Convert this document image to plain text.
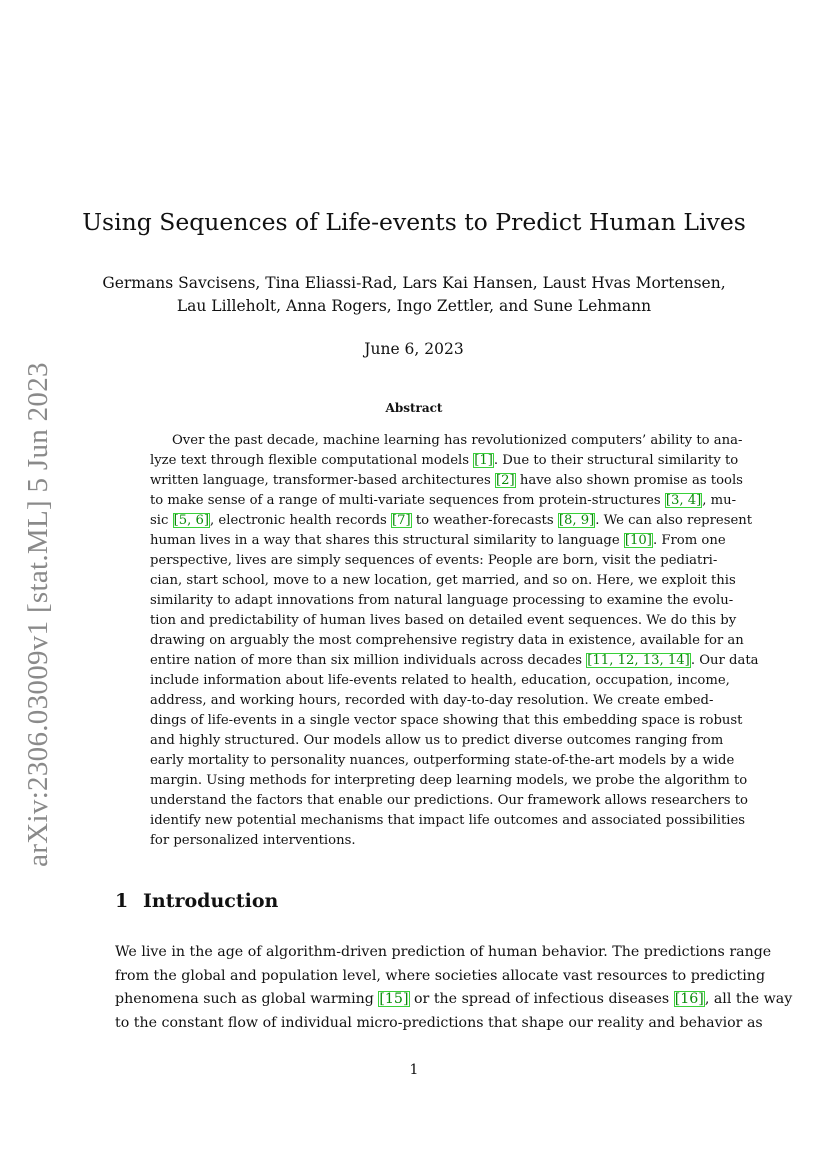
arXiv:2306.03009v1 [stat.ML] 5 Jun 2023
Using Sequences of Life-events to Predict Human Lives
Germans Savcisens, Tina Eliassi-Rad, Lars Kai Hansen, Laust Hvas Mortensen,
Lau Lilleholt, Anna Rogers, Ingo Zettler, and Sune Lehmann
June 6, 2023
Abstract
Over the past decade, machine learning has revolutionized computers’ ability to ana-
lyze text through flexible computational models [1]. Due to their structural similarity to
written language, transformer-based architectures [2] have also shown promise as tools
to make sense of a range of multi-variate sequences from protein-structures [3, 4], mu-
sic [5, 6], electronic health records [7] to weather-forecasts [8, 9]. We can also represent
human lives in a way that shares this structural similarity to language [10]. From one
perspective, lives are simply sequences of events: People are born, visit the pediatri-
cian, start school, move to a new location, get married, and so on. Here, we exploit this
similarity to adapt innovations from natural language processing to examine the evolu-
tion and predictability of human lives based on detailed event sequences. We do this by
drawing on arguably the most comprehensive registry data in existence, available for an
entire nation of more than six million individuals across decades [11, 12, 13, 14]. Our data
include information about life-events related to health, education, occupation, income,
address, and working hours, recorded with day-to-day resolution. We create embed-
dings of life-events in a single vector space showing that this embedding space is robust
and highly structured. Our models allow us to predict diverse outcomes ranging from
early mortality to personality nuances, outperforming state-of-the-art models by a wide
margin. Using methods for interpreting deep learning models, we probe the algorithm to
understand the factors that enable our predictions. Our framework allows researchers to
identify new potential mechanisms that impact life outcomes and associated possibilities
for personalized interventions.
1 Introduction
We live in the age of algorithm-driven prediction of human behavior. The predictions range
from the global and population level, where societies allocate vast resources to predicting
phenomena such as global warming [15] or the spread of infectious diseases [16], all the way
to the constant flow of individual micro-predictions that shape our reality and behavior as
1
